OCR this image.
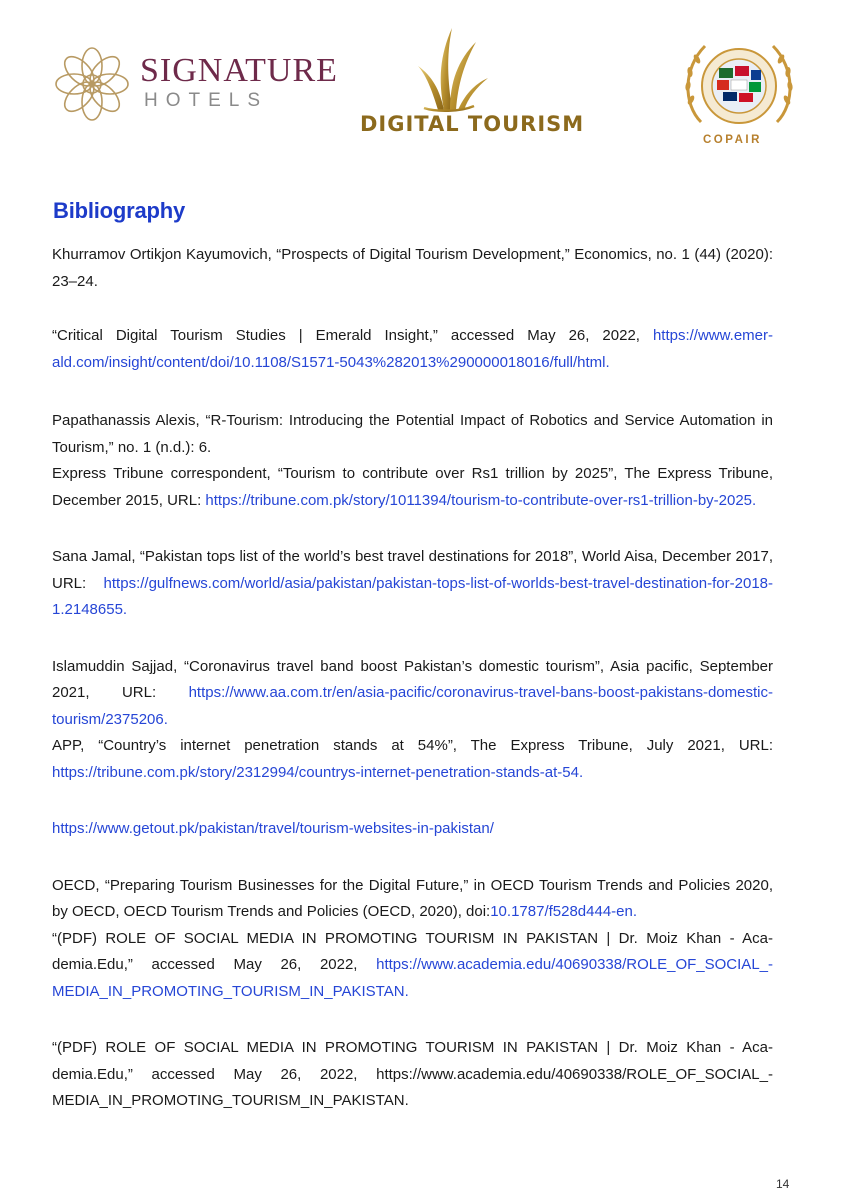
SIGNATURE
HOTELS
DIGITAL TOURISM
COPAIR
Bibliography

Khurramov Ortikjon Kayumovich, “Prospects of Digital Tourism Development,” Economics, no. 1 (44) (2020): 23–24.

“Critical Digital Tourism Studies | Emerald Insight,” accessed May 26, 2022, https://www.emerald.com/insight/content/doi/10.1108/S1571-5043%282013%290000018016/full/html.

Papathanassis Alexis, “R-Tourism: Introducing the Potential Impact of Robotics and Service Automation in Tourism,” no. 1 (n.d.): 6.

Express Tribune correspondent, “Tourism to contribute over Rs1 trillion by 2025”, The Express Tribune, December 2015, URL: https://tribune.com.pk/story/1011394/tourism-to-contribute-over-rs1-trillion-by-2025.

Sana Jamal, “Pakistan tops list of the world’s best travel destinations for 2018”, World Aisa, December 2017, URL: https://gulfnews.com/world/asia/pakistan/pakistan-tops-list-of-worlds-best-travel-destination-for-2018-1.2148655.

Islamuddin Sajjad, “Coronavirus travel band boost Pakistan’s domestic tourism”, Asia pacific, September 2021, URL: https://www.aa.com.tr/en/asia-pacific/coronavirus-travel-bans-boost-pakistans-domestic-tourism/2375206.

APP, “Country’s internet penetration stands at 54%”, The Express Tribune, July 2021, URL: https://tribune.com.pk/story/2312994/countrys-internet-penetration-stands-at-54.

https://www.getout.pk/pakistan/travel/tourism-websites-in-pakistan/

OECD, “Preparing Tourism Businesses for the Digital Future,” in OECD Tourism Trends and Policies 2020, by OECD, OECD Tourism Trends and Policies (OECD, 2020), doi:10.1787/f528d444-en.

“(PDF) ROLE OF SOCIAL MEDIA IN PROMOTING TOURISM IN PAKISTAN | Dr. Moiz Khan - Academia.Edu,” accessed May 26, 2022, https://www.academia.edu/40690338/ROLE_OF_SOCIAL_-MEDIA_IN_PROMOTING_TOURISM_IN_PAKISTAN.

“(PDF) ROLE OF SOCIAL MEDIA IN PROMOTING TOURISM IN PAKISTAN | Dr. Moiz Khan - Academia.Edu,” accessed May 26, 2022, https://www.academia.edu/40690338/ROLE_OF_SOCIAL_-MEDIA_IN_PROMOTING_TOURISM_IN_PAKISTAN.

14
